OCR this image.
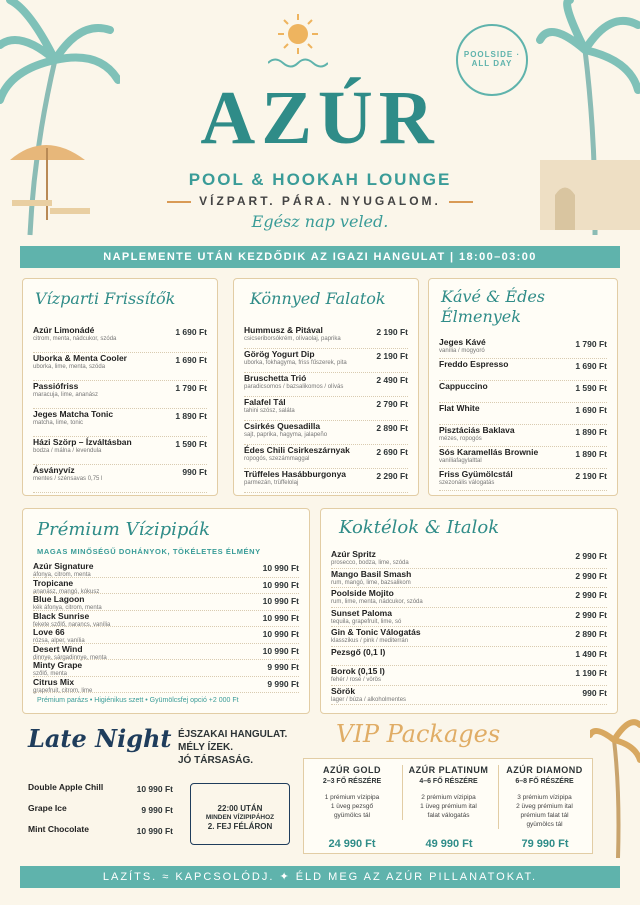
POOLSIDE · ALL DAY
AZÚR
POOL & HOOKAH LOUNGE
VÍZPART. PÁRA. NYUGALOM.
Egész nap veled.
NAPLEMENTE UTÁN KEZDŐDIK AZ IGAZI HANGULAT | 18:00–03:00
Vízparti Frissítők
Azúr Limonádé
citrom, menta, nádcukor, szóda
1 690 Ft
Uborka & Menta Cooler
uborka, lime, menta, szóda
1 690 Ft
Passiófriss
maracuja, lime, ananász
1 790 Ft
Jeges Matcha Tonic
matcha, lime, tonic
1 890 Ft
Házi Szörp – Ízváltásban
bodza / málna / levendula
1 590 Ft
Ásványvíz
mentes / szénsavas 0,75 l
990 Ft
Könnyed Falatok
Hummusz & Pitával
csicseriborsókrém, olívaolaj, paprika
2 190 Ft
Görög Yogurt Dip
uborka, fokhagyma, friss fűszerek, pita
2 190 Ft
Bruschetta Trió
paradicsomos / bazsalikomos / olívás
2 490 Ft
Falafel Tál
tahini szósz, saláta
2 790 Ft
Csirkés Quesadilla
sajt, paprika, hagyma, jalapeño
2 890 Ft
Édes Chili Csirkeszárnyak
ropogós, szezámmaggal
2 690 Ft
Trüffeles Hasábburgonya
parmezán, trüffelolaj
2 290 Ft
Kávé & Édes Élmenyek
Jeges Kávé
vanília / mogyoró
1 790 Ft
Freddo Espresso	1 690 Ft
Cappuccino	1 590 Ft
Flat White	1 690 Ft
Pisztáciás Baklava
mézes, ropogós
1 890 Ft
Sós Karamellás Brownie
vaníliafagylalttal
1 890 Ft
Friss Gyümölcstál
szezonális válogatás
2 190 Ft
Prémium Vízipipák
MAGAS MINŐSÉGŰ DOHÁNYOK, TÖKÉLETES ÉLMÉNY
Azúr Signature
áfonya, citrom, menta
10 990 Ft
Tropicane
ananász, mangó, kókusz
10 990 Ft
Blue Lagoon
kék áfonya, citrom, menta
10 990 Ft
Black Sunrise
fekete szőlő, narancs, vanília
10 990 Ft
Love 66
rózsa, alper, vanília
10 990 Ft
Desert Wind
dinnye, sárgadinnye, menta
10 990 Ft
Minty Grape
szőlő, menta
9 990 Ft
Citrus Mix
grapefruit, citrom, lime
9 990 Ft
Prémium parázs • Higiénikus szett • Gyümölcsfej opció +2 000 Ft
Koktélok & Italok
Azúr Spritz
prosecco, bodza, lime, szóda
2 990 Ft
Mango Basil Smash
rum, mangó, lime, bazsalikom
2 990 Ft
Poolside Mojito
rum, lime, menta, nádcukor, szóda
2 990 Ft
Sunset Paloma
tequila, grapefruit, lime, só
2 990 Ft
Gin & Tonic Válogatás
klasszikus / pink / mediterrán
2 890 Ft
Pezsgő (0,1 l)	1 490 Ft
Borok (0,15 l)
fehér / rosé / vörös
1 190 Ft
Sörök
lager / búza / alkoholmentes
990 Ft
Late Night ÉJSZAKAI HANGULAT.
MÉLY ÍZEK.
JÓ TÁRSASÁG.
Double Apple Chill	10 990 Ft
Grape Ice	9 990 Ft
Mint Chocolate	10 990 Ft
22:00 UTÁN
MINDEN VÍZIPIPÁHOZ
2. FEJ FÉLÁRON
VIP Packages
AZÚR GOLD
2–3 FŐ RÉSZÉRE
1 prémium vízipipa
1 üveg pezsgő
gyümölcs tál
24 990 Ft
AZÚR PLATINUM
4–6 FŐ RÉSZÉRE
2 prémium vízipipa
1 üveg prémium ital
falat válogatás
49 990 Ft
AZÚR DIAMOND
6–8 FŐ RÉSZÉRE
3 prémium vízipipa
2 üveg prémium ital
prémium falat tál
gyümölcs tál
79 990 Ft
LAZÍTS. ≈ KAPCSOLÓDJ. ✦ ÉLD MEG AZ AZÚR PILLANATOKAT.
